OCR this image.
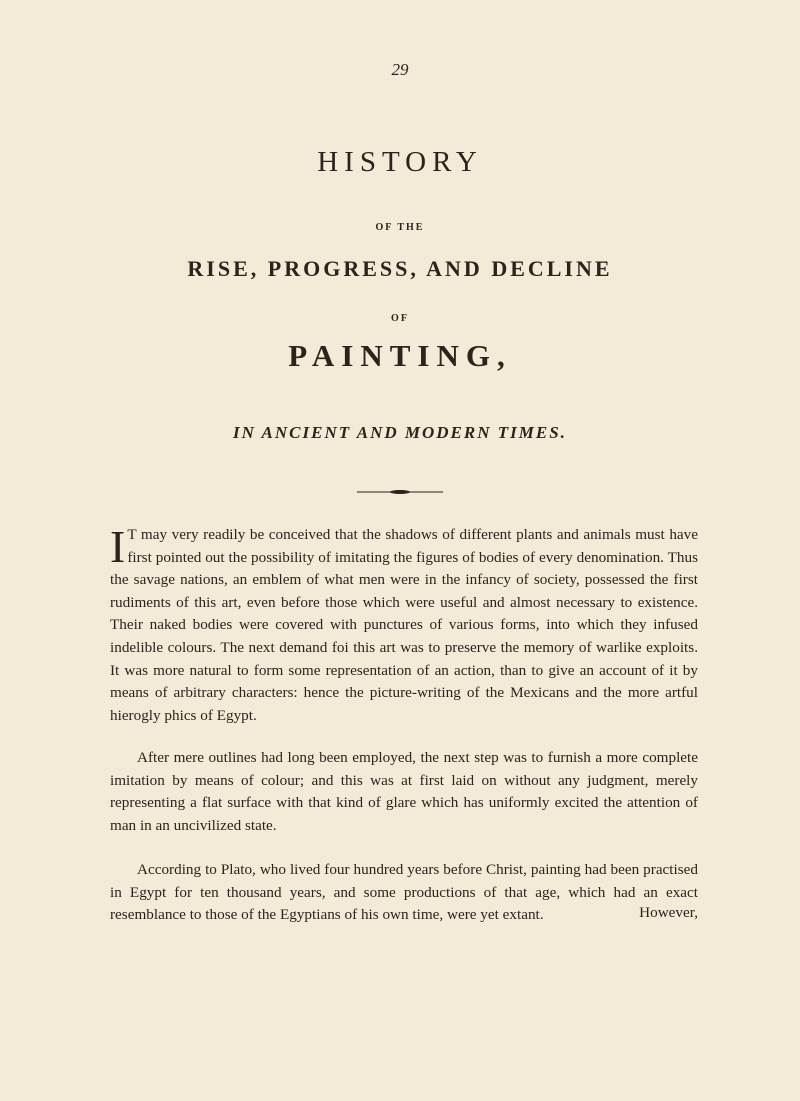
29
HISTORY
OF THE
RISE, PROGRESS, AND DECLINE
OF
PAINTING,
IN ANCIENT AND MODERN TIMES.
I T may very readily be conceived that the shadows of different plants and animals must have first pointed out the possibility of imitating the figures of bodies of every denomination. Thus the savage nations, an emblem of what men were in the infancy of society, possessed the first rudiments of this art, even before those which were useful and almost necessary to existence. Their naked bodies were covered with punctures of various forms, into which they infused indelible colours. The next demand foi this art was to preserve the memory of warlike exploits. It was more natural to form some representation of an action, than to give an account of it by means of arbitrary characters: hence the picture-writing of the Mexicans and the more artful hierogly phics of Egypt.
After mere outlines had long been employed, the next step was to furnish a more complete imitation by means of colour; and this was at first laid on without any judgment, merely representing a flat surface with that kind of glare which has uniformly excited the attention of man in an uncivilized state.
According to Plato, who lived four hundred years before Christ, painting had been practised in Egypt for ten thousand years, and some productions of that age, which had an exact resemblance to those of the Egyptians of his own time, were yet extant.	However,
